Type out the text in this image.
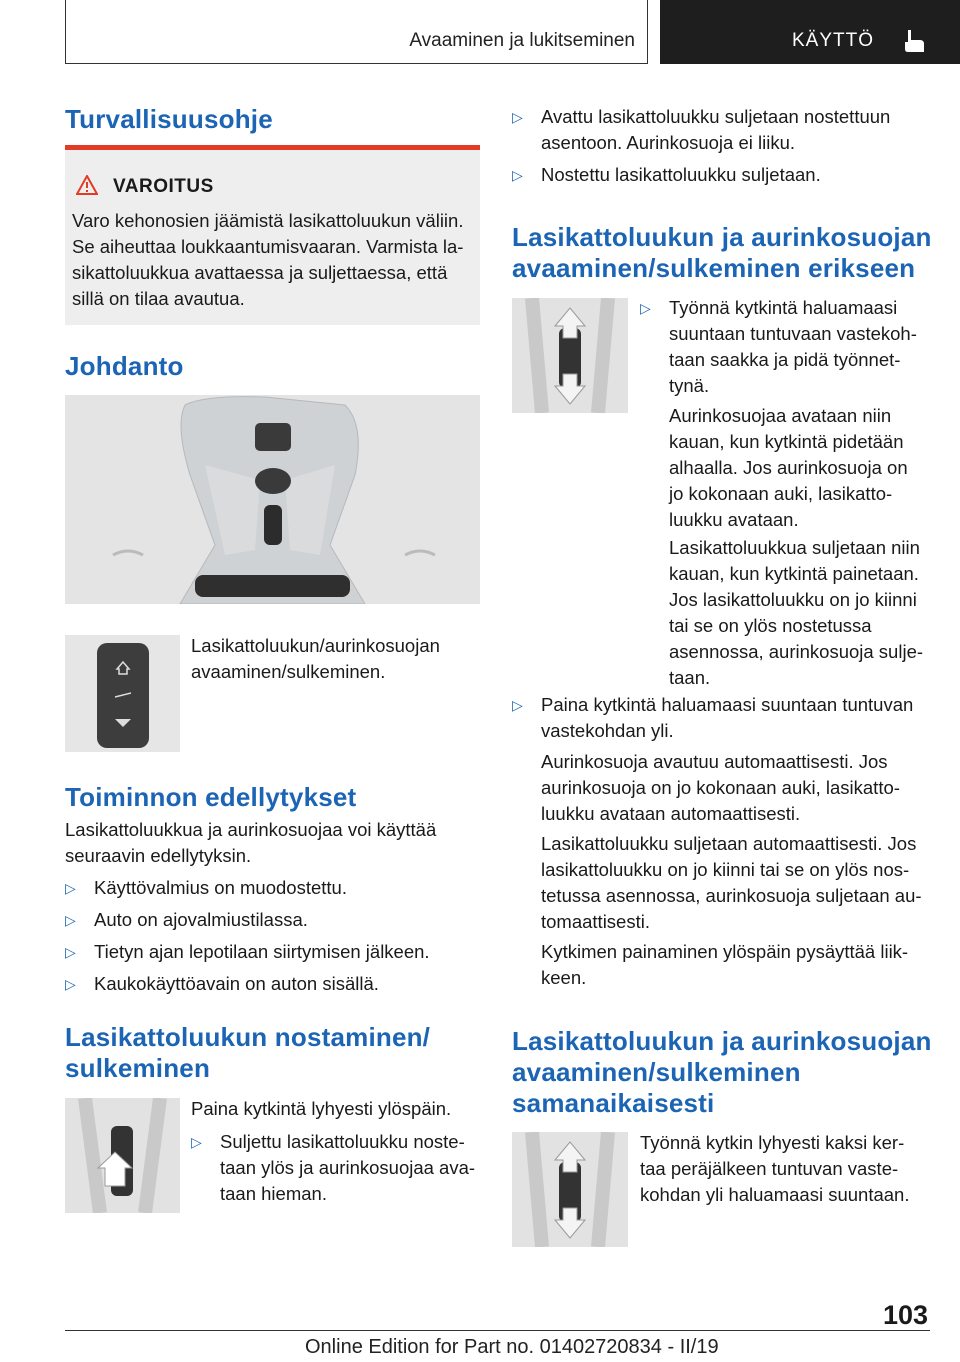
Avaaminen ja lukitseminen	KÄYTTÖ
Turvallisuusohje
VAROITUS
Varo kehonosien jäämistä lasikattoluukun väliin.
Se aiheuttaa loukkaantumisvaaran. Varmista la-
sikattoluukkua avattaessa ja suljettaessa, että
sillä on tilaa avautua.
Johdanto
Lasikattoluukun/aurinkosuojan
avaaminen/sulkeminen.
Toiminnon edellytykset
Lasikattoluukkua ja aurinkosuojaa voi käyttää
seuraavin edellytyksin.
▷ Käyttövalmius on muodostettu.
▷ Auto on ajovalmiustilassa.
▷ Tietyn ajan lepotilaan siirtymisen jälkeen.
▷ Kaukokäyttöavain on auton sisällä.
Lasikattoluukun nostaminen/
sulkeminen
Paina kytkintä lyhyesti ylöspäin.
▷ Suljettu lasikattoluukku noste-
taan ylös ja aurinkosuojaa ava-
taan hieman.
▷ Avattu lasikattoluukku suljetaan nostettuun
asentoon. Aurinkosuoja ei liiku.
▷ Nostettu lasikattoluukku suljetaan.
Lasikattoluukun ja aurinkosuojan
avaaminen/sulkeminen erikseen
▷ Työnnä kytkintä haluamaasi
suuntaan tuntuvaan vastekoh-
taan saakka ja pidä työnnet-
tynä.
Aurinkosuojaa avataan niin
kauan, kun kytkintä pidetään
alhaalla. Jos aurinkosuoja on
jo kokonaan auki, lasikatto-
luukku avataan.
Lasikattoluukkua suljetaan niin
kauan, kun kytkintä painetaan.
Jos lasikattoluukku on jo kiinni
tai se on ylös nostetussa
asennossa, aurinkosuoja sulje-
taan.
▷ Paina kytkintä haluamaasi suuntaan tuntuvan
vastekohdan yli.
Aurinkosuoja avautuu automaattisesti. Jos
aurinkosuoja on jo kokonaan auki, lasikatto-
luukku avataan automaattisesti.
Lasikattoluukku suljetaan automaattisesti. Jos
lasikattoluukku on jo kiinni tai se on ylös nos-
tetussa asennossa, aurinkosuoja suljetaan au-
tomaattisesti.
Kytkimen painaminen ylöspäin pysäyttää liik-
keen.
Lasikattoluukun ja aurinkosuojan
avaaminen/sulkeminen
samanaikaisesti
Työnnä kytkin lyhyesti kaksi ker-
taa peräjälkeen tuntuvan vaste-
kohdan yli haluamaasi suuntaan.
103
Online Edition for Part no. 01402720834 - II/19
